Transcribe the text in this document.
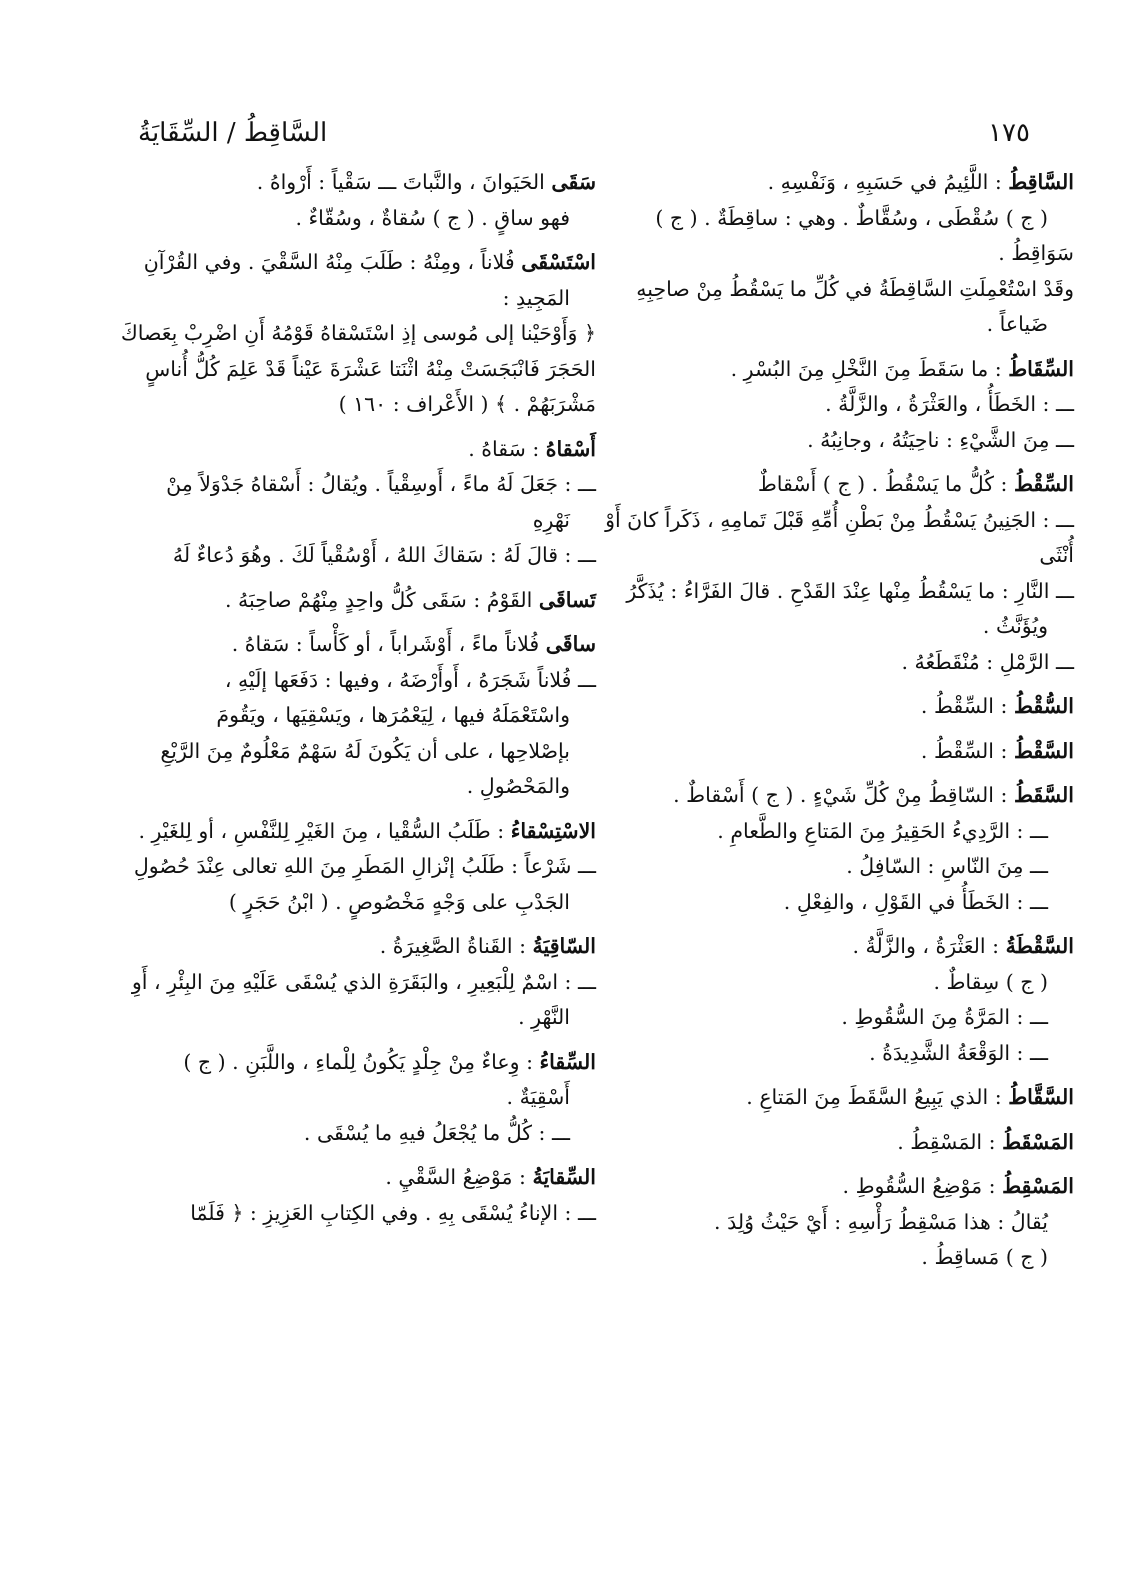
١٧٥
السَّاقِطُ / السِّقَايَةُ
السَّاقِطُ : اللَّئِيمُ في حَسَبِهِ ، وَنَفْسِهِ .
( ج ) سُقْطَى ، وسُقَّاطٌ . وهي : ساقِطَةٌ . ( ج )
سَوَاقِطُ .
وقَدْ اسْتُعْمِلَتِ السَّاقِطَةُ في كُلِّ ما يَسْقُطُ مِنْ صاحِبِهِ
ضَياعاً .
السِّقَاطُ : ما سَقَطَ مِنَ النَّخْلِ مِنَ البُسْرِ .
ـــ : الخَطَأُ ، والعَثْرَةُ ، والزَّلَّةُ .
ـــ مِنَ الشَّيْءِ : ناحِيَتُهُ ، وجانِبُهُ .
السِّقْطُ : كُلُّ ما يَسْقُطُ . ( ج ) أَسْقاطٌ
ـــ : الجَنِينُ يَسْقُطُ مِنْ بَطْنِ أُمِّهِ قَبْلَ تَمامِهِ ، ذَكَراً كانَ أَوْ
أُنْثَى
ـــ النَّارِ : ما يَسْقُطُ مِنْها عِنْدَ القَدْحِ . قالَ الفَرَّاءُ : يُذَكَّرُ
ويُؤَنَّثُ .
ـــ الرَّمْلِ : مُنْقَطَعُهُ .
السُّقْطُ : السِّقْطُ .
السَّقْطُ : السِّقْطُ .
السَّقَطُ : السّاقِطُ مِنْ كُلِّ شَيْءٍ . ( ج ) أَسْقاطٌ .
ـــ : الرَّدِيءُ الحَقِيرُ مِنَ المَتاعِ والطَّعامِ .
ـــ مِنَ النّاسِ : السّافِلُ .
ـــ : الخَطَأُ في القَوْلِ ، والفِعْلِ .
السَّقْطَةُ : العَثْرَةُ ، والزَّلَّةُ .
( ج ) سِقاطٌ .
ـــ : المَرَّةُ مِنَ السُّقُوطِ .
ـــ : الوَقْعَةُ الشَّدِيدَةُ .
السَّقَّاطُ : الذي يَبِيعُ السَّقَطَ مِنَ المَتاعِ .
المَسْقَطُ : المَسْقِطُ .
المَسْقِطُ : مَوْضِعُ السُّقُوطِ .
يُقالُ : هذا مَسْقِطُ رَأْسِهِ : أَيْ حَيْثُ وُلِدَ .
( ج ) مَساقِطُ .
سَقَى الحَيَوانَ ، والنَّباتَ ـــ سَقْياً : أَرْواهُ .
فهو ساقٍ . ( ج ) سُقاةٌ ، وسُقّاءٌ .
اسْتَسْقَى فُلاناً ، ومِنْهُ : طَلَبَ مِنْهُ السَّقْيَ . وفي القُرْآنِ
المَجِيدِ :
﴿ وَأَوْحَيْنا إلى مُوسى إذِ اسْتَسْقاهُ قَوْمُهُ أَنِ اضْرِبْ بِعَصاكَ
الحَجَرَ فَانْبَجَسَتْ مِنْهُ اثْنَتا عَشْرَةَ عَيْناً قَدْ عَلِمَ كُلُّ أُناسٍ
مَشْرَبَهُمْ . ﴾ ( الأَعْراف : ١٦٠ )
أَسْقاهُ : سَقاهُ .
ـــ : جَعَلَ لَهُ ماءً ، أَوسِقْياً . ويُقالُ : أَسْقاهُ جَدْوَلاً مِنْ
نَهْرِهِ
ـــ : قالَ لَهُ : سَقاكَ اللهُ ، أَوْسُقْياً لَكَ . وهُوَ دُعاءٌ لَهُ
تَساقَى القَوْمُ : سَقَى كُلُّ واحِدٍ مِنْهُمْ صاحِبَهُ .
ساقَى فُلاناً ماءً ، أَوْشَراباً ، أو كَأْساً : سَقاهُ .
ـــ فُلاناً شَجَرَهُ ، أَوأَرْضَهُ ، وفيها : دَفَعَها إلَيْهِ ،
واسْتَعْمَلَهُ فيها ، لِيَعْمُرَها ، ويَسْقِيَها ، ويَقُومَ
بإصْلاحِها ، على أن يَكُونَ لَهُ سَهْمٌ مَعْلُومٌ مِنَ الرَّيْعِ
والمَحْصُولِ .
الاسْتِسْقاءُ : طَلَبُ السُّقْيا ، مِنَ الغَيْرِ لِلنَّفْسِ ، أو لِلغَيْرِ .
ـــ شَرْعاً : طَلَبُ إنْزالِ المَطَرِ مِنَ اللهِ تعالى عِنْدَ حُصُولِ
الجَدْبِ على وَجْهٍ مَخْصُوصٍ . ( ابْنُ حَجَرٍ )
السّاقِيَةُ : القَناةُ الصَّغِيرَةُ .
ـــ : اسْمٌ لِلْبَعِيرِ ، والبَقَرَةِ الذي يُسْقَى عَلَيْهِ مِنَ البِئْرِ ، أَوِ
النَّهْرِ .
السِّقاءُ : وِعاءٌ مِنْ جِلْدٍ يَكُونُ لِلْماءِ ، واللَّبَنِ . ( ج )
أَسْقِيَةٌ .
ـــ : كُلُّ ما يُجْعَلُ فيهِ ما يُسْقَى .
السِّقايَةُ : مَوْضِعُ السَّقْيِ .
ـــ : الإناءُ يُسْقَى بِهِ . وفي الكِتابِ العَزِيزِ : ﴿ فَلَمّا
